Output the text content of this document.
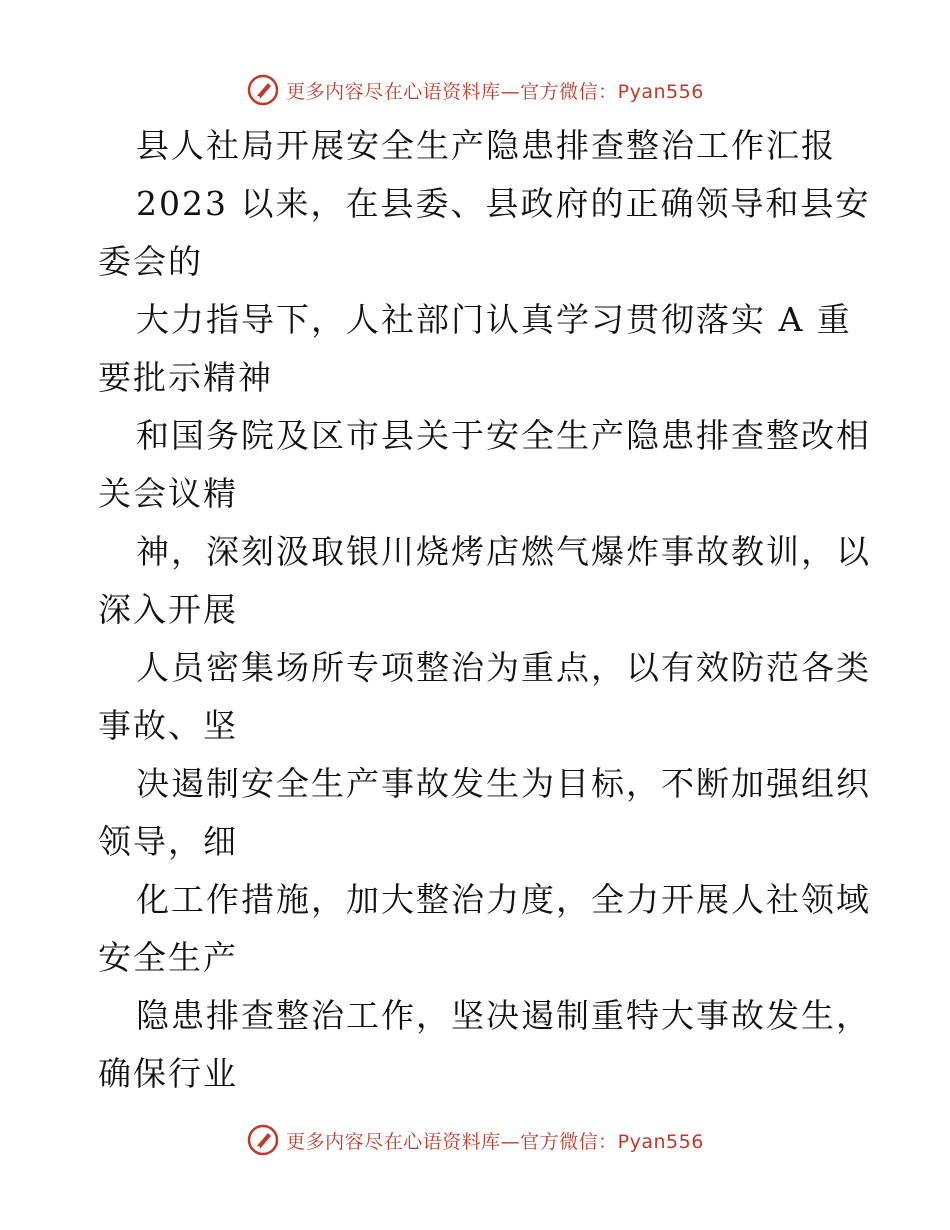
更多内容尽在心语资料库—官方微信：Pyan556
县人社局开展安全生产隐患排查整治工作汇报
2023 以来，在县委、县政府的正确领导和县安
委会的
大力指导下，人社部门认真学习贯彻落实 A 重
要批示精神
和国务院及区市县关于安全生产隐患排查整改相
关会议精
神，深刻汲取银川烧烤店燃气爆炸事故教训，以
深入开展
人员密集场所专项整治为重点，以有效防范各类
事故、坚
决遏制安全生产事故发生为目标，不断加强组织
领导，细
化工作措施，加大整治力度，全力开展人社领域
安全生产
隐患排查整治工作，坚决遏制重特大事故发生，
确保行业
更多内容尽在心语资料库—官方微信：Pyan556
